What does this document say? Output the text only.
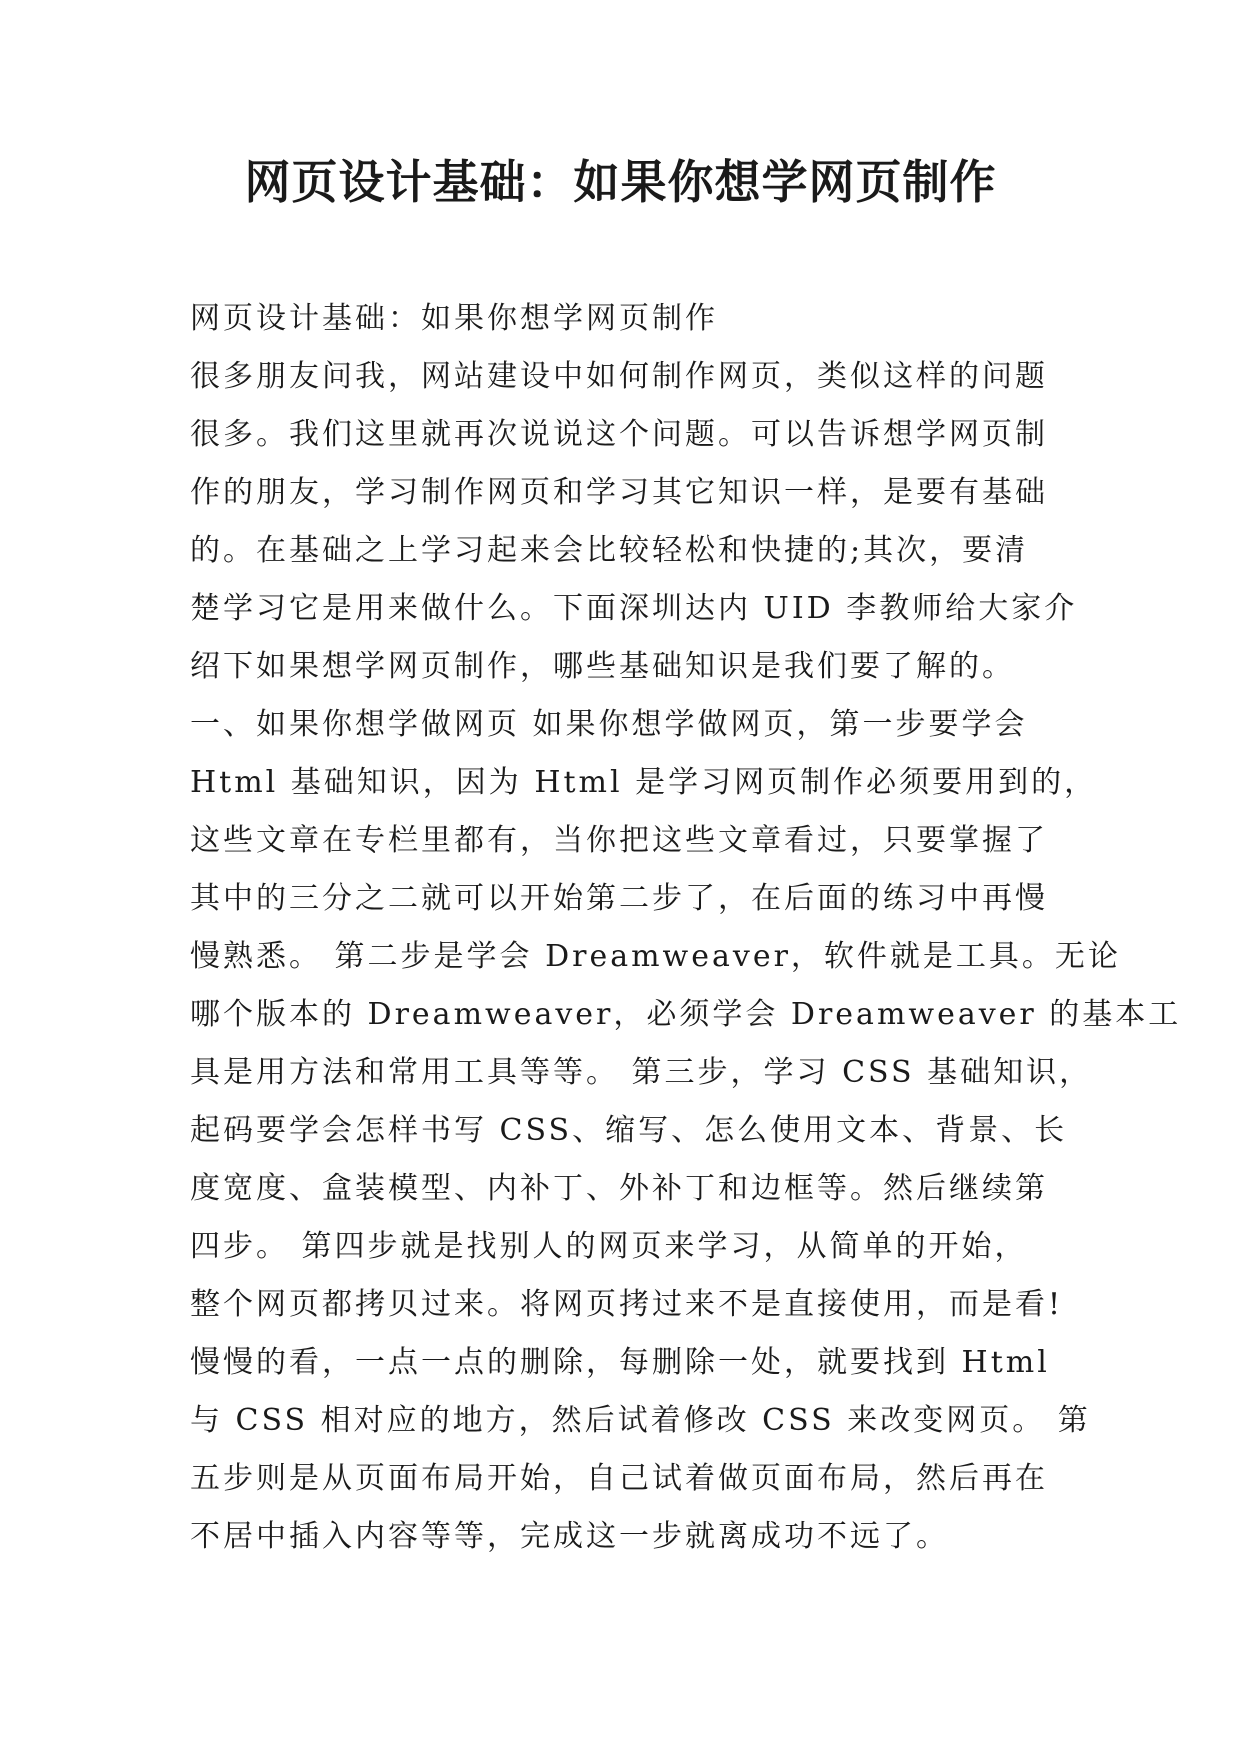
网页设计基础：如果你想学网页制作
网页设计基础：如果你想学网页制作
很多朋友问我，网站建设中如何制作网页，类似这样的问题
很多。我们这里就再次说说这个问题。可以告诉想学网页制
作的朋友，学习制作网页和学习其它知识一样，是要有基础
的。在基础之上学习起来会比较轻松和快捷的;其次，要清
楚学习它是用来做什么。下面深圳达内 UID 李教师给大家介
绍下如果想学网页制作，哪些基础知识是我们要了解的。
一、如果你想学做网页 如果你想学做网页，第一步要学会
Html 基础知识，因为 Html 是学习网页制作必须要用到的，
这些文章在专栏里都有，当你把这些文章看过，只要掌握了
其中的三分之二就可以开始第二步了，在后面的练习中再慢
慢熟悉。 第二步是学会 Dreamweaver，软件就是工具。无论
哪个版本的 Dreamweaver，必须学会 Dreamweaver 的基本工
具是用方法和常用工具等等。 第三步，学习 CSS 基础知识，
起码要学会怎样书写 CSS、缩写、怎么使用文本、背景、长
度宽度、盒装模型、内补丁、外补丁和边框等。然后继续第
四步。 第四步就是找别人的网页来学习，从简单的开始，
整个网页都拷贝过来。将网页拷过来不是直接使用，而是看!
慢慢的看，一点一点的删除，每删除一处，就要找到 Html
与 CSS 相对应的地方，然后试着修改 CSS 来改变网页。 第
五步则是从页面布局开始，自己试着做页面布局，然后再在
不居中插入内容等等，完成这一步就离成功不远了。
